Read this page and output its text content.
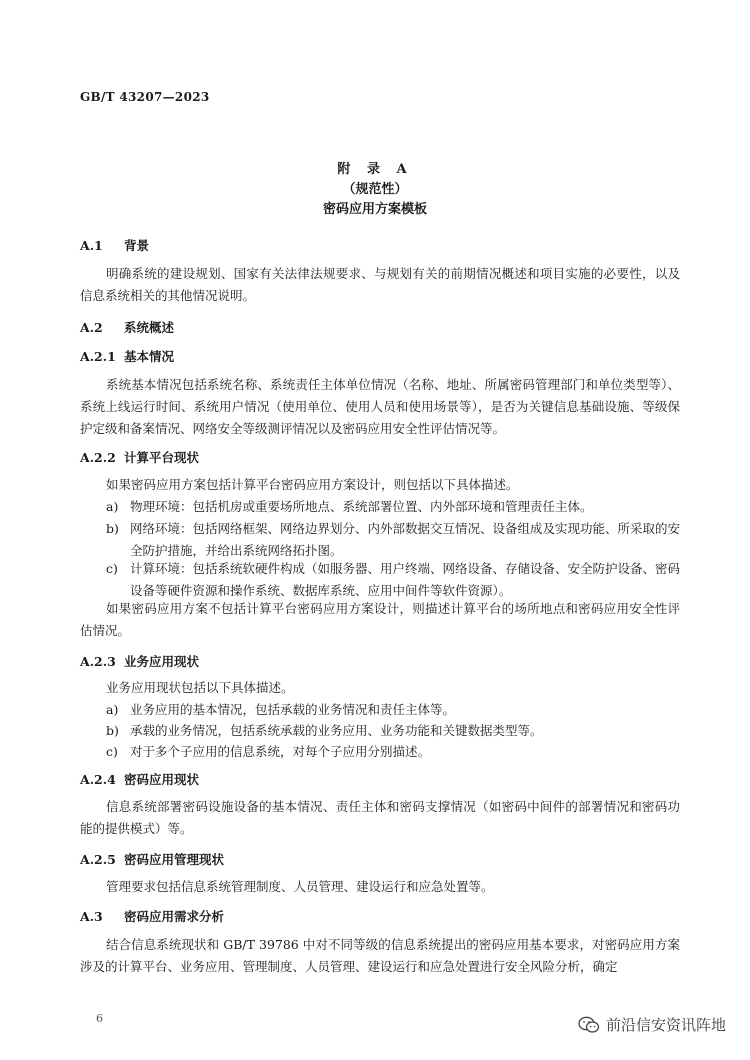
GB/T 43207—2023
附 录 A
（规范性）
密码应用方案模板
A.1 背景
明确系统的建设规划、国家有关法律法规要求、与规划有关的前期情况概述和项目实施的必要性，以及信息系统相关的其他情况说明。
A.2 系统概述
A.2.1 基本情况
系统基本情况包括系统名称、系统责任主体单位情况（名称、地址、所属密码管理部门和单位类型等）、系统上线运行时间、系统用户情况（使用单位、使用人员和使用场景等），是否为关键信息基础设施、等级保护定级和备案情况、网络安全等级测评情况以及密码应用安全性评估情况等。
A.2.2 计算平台现状
如果密码应用方案包括计算平台密码应用方案设计，则包括以下具体描述。
a) 物理环境：包括机房或重要场所地点、系统部署位置、内外部环境和管理责任主体。
b) 网络环境：包括网络框架、网络边界划分、内外部数据交互情况、设备组成及实现功能、所采取的安全防护措施，并给出系统网络拓扑图。
c) 计算环境：包括系统软硬件构成（如服务器、用户终端、网络设备、存储设备、安全防护设备、密码设备等硬件资源和操作系统、数据库系统、应用中间件等软件资源）。
如果密码应用方案不包括计算平台密码应用方案设计，则描述计算平台的场所地点和密码应用安全性评估情况。
A.2.3 业务应用现状
业务应用现状包括以下具体描述。
a) 业务应用的基本情况，包括承载的业务情况和责任主体等。
b) 承载的业务情况，包括系统承载的业务应用、业务功能和关键数据类型等。
c) 对于多个子应用的信息系统，对每个子应用分别描述。
A.2.4 密码应用现状
信息系统部署密码设施设备的基本情况、责任主体和密码支撑情况（如密码中间件的部署情况和密码功能的提供模式）等。
A.2.5 密码应用管理现状
管理要求包括信息系统管理制度、人员管理、建设运行和应急处置等。
A.3 密码应用需求分析
结合信息系统现状和 GB/T 39786 中对不同等级的信息系统提出的密码应用基本要求，对密码应用方案涉及的计算平台、业务应用、管理制度、人员管理、建设运行和应急处置进行安全风险分析，确定
6	前沿信安资讯阵地
